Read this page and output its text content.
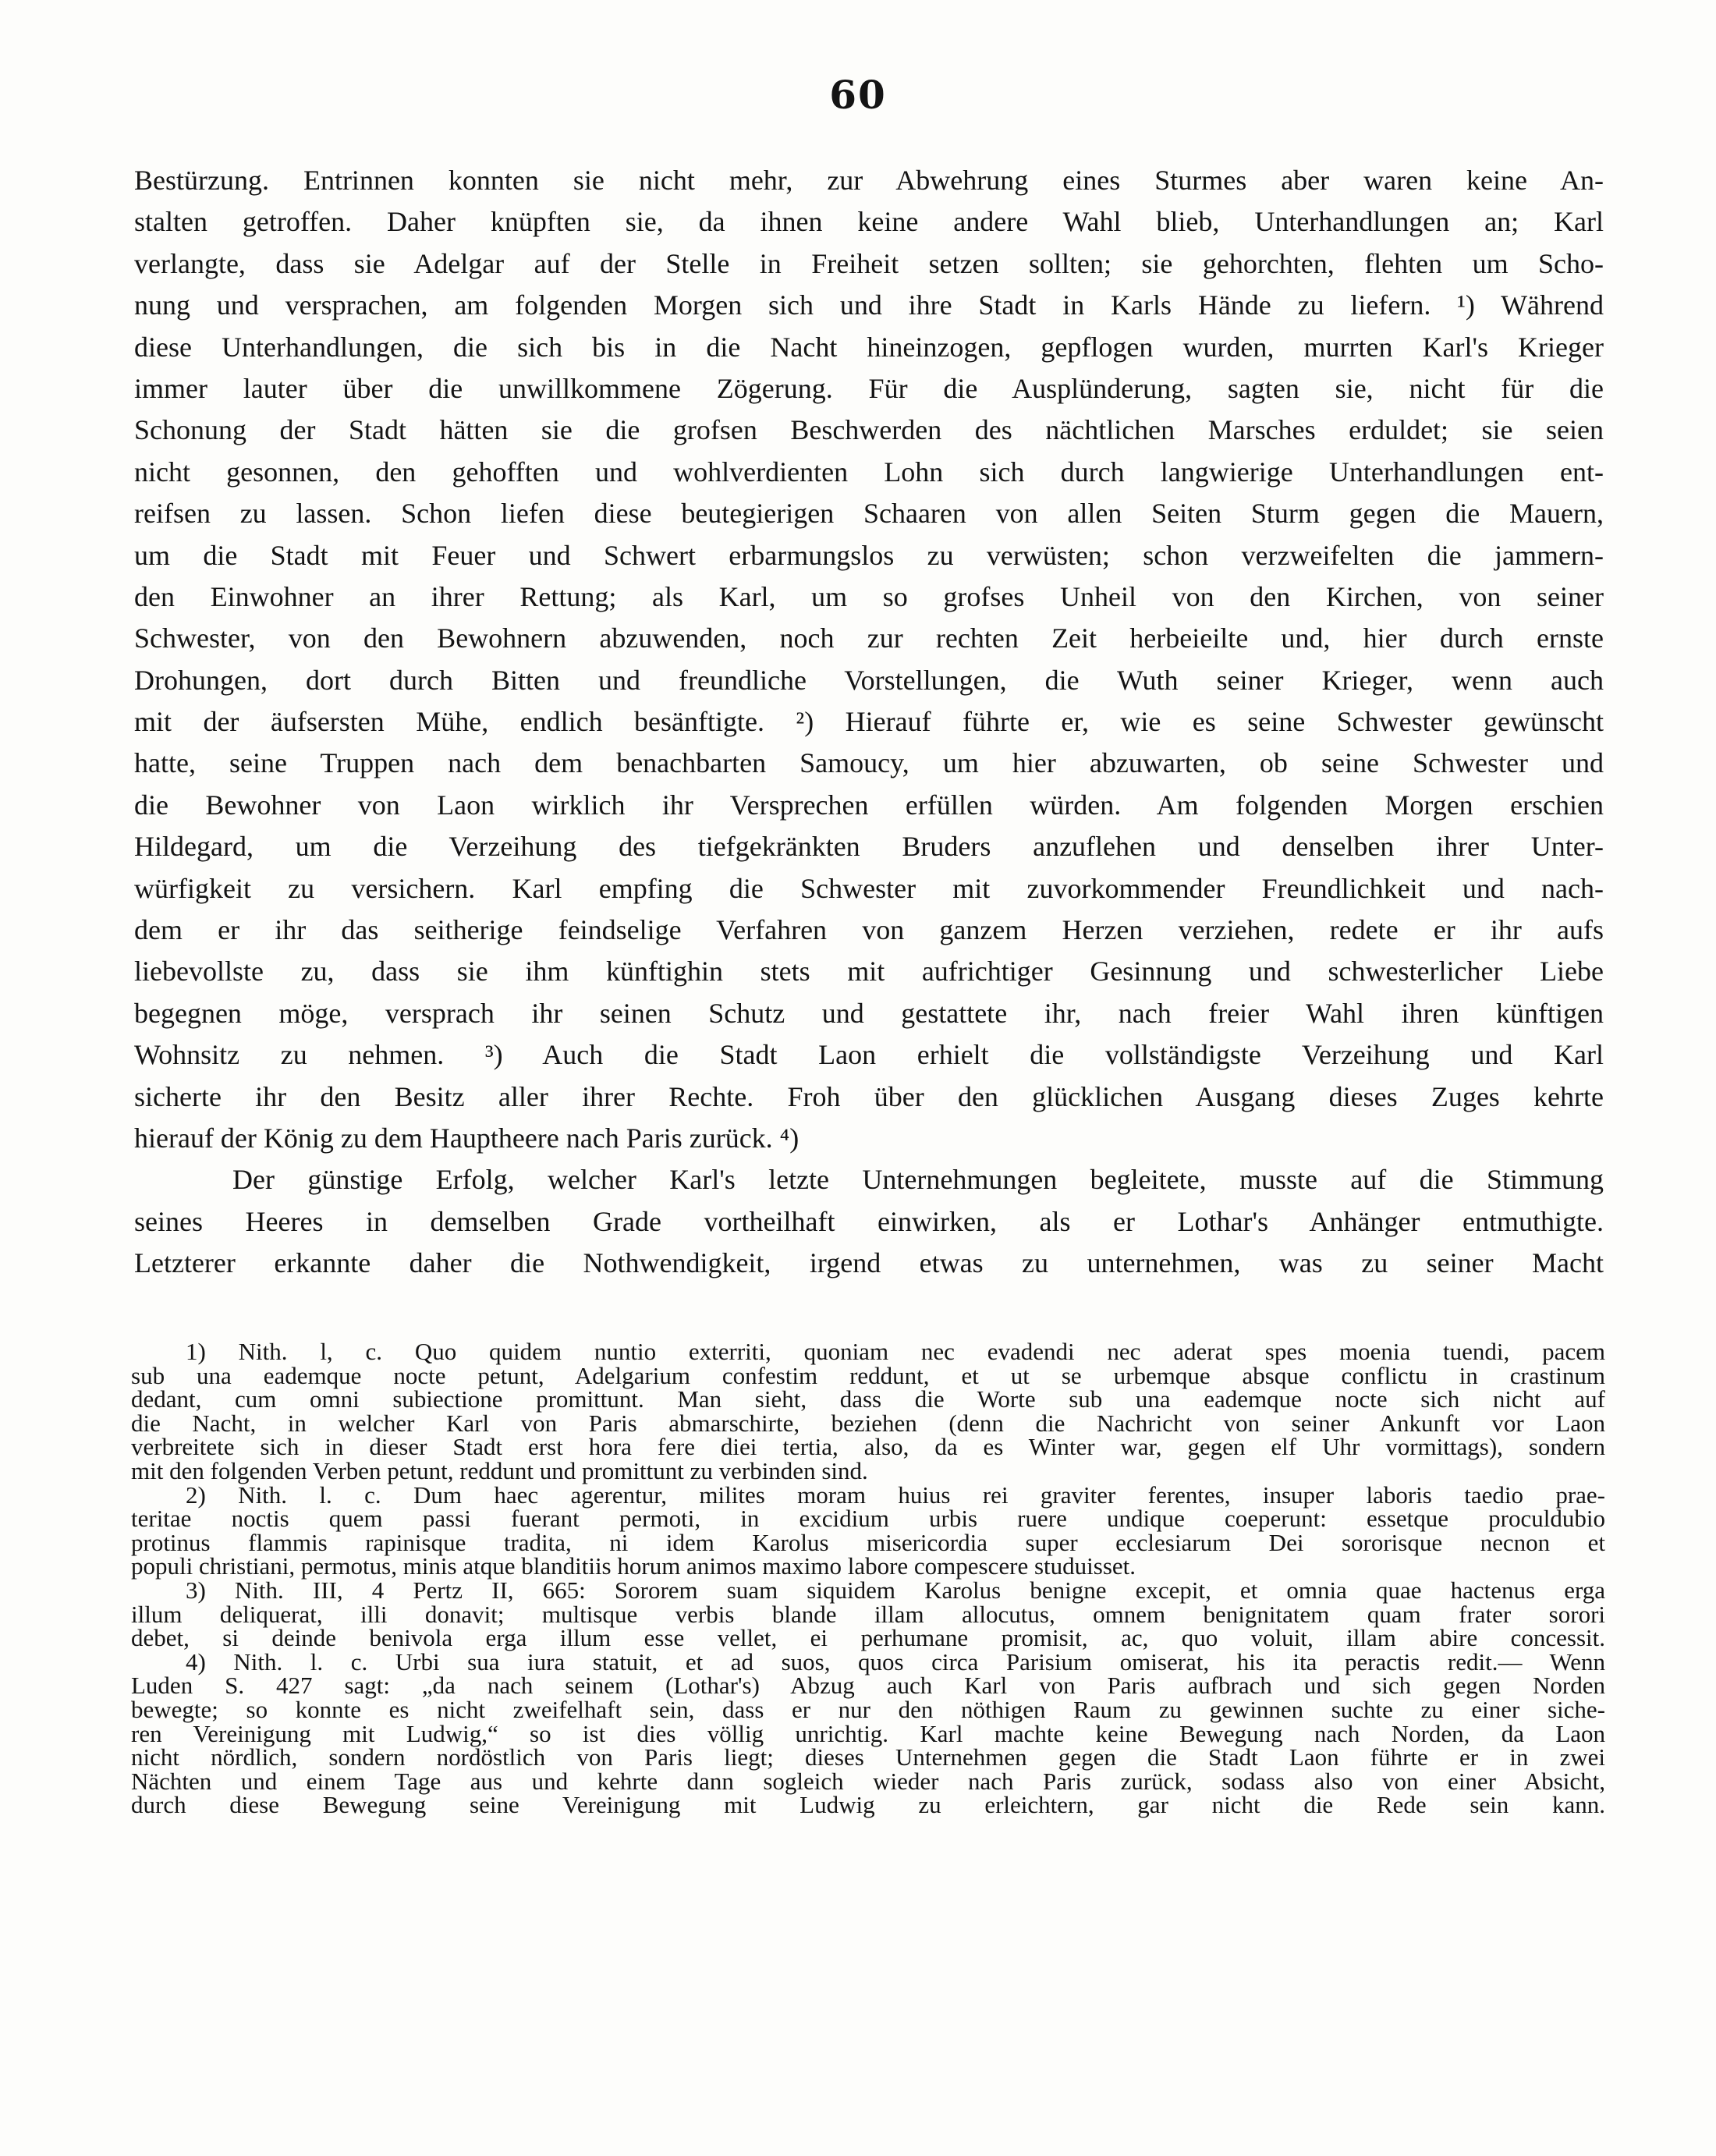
60
Bestürzung. Entrinnen konnten sie nicht mehr, zur Abwehrung eines Sturmes aber waren keine An-
stalten getroffen. Daher knüpften sie, da ihnen keine andere Wahl blieb, Unterhandlungen an; Karl
verlangte, dass sie Adelgar auf der Stelle in Freiheit setzen sollten; sie gehorchten, flehten um Scho-
nung und versprachen, am folgenden Morgen sich und ihre Stadt in Karls Hände zu liefern. ¹) Während
diese Unterhandlungen, die sich bis in die Nacht hineinzogen, gepflogen wurden, murrten Karl's Krieger
immer lauter über die unwillkommene Zögerung. Für die Ausplünderung, sagten sie, nicht für die
Schonung der Stadt hätten sie die grofsen Beschwerden des nächtlichen Marsches erduldet; sie seien
nicht gesonnen, den gehofften und wohlverdienten Lohn sich durch langwierige Unterhandlungen ent-
reifsen zu lassen. Schon liefen diese beutegierigen Schaaren von allen Seiten Sturm gegen die Mauern,
um die Stadt mit Feuer und Schwert erbarmungslos zu verwüsten; schon verzweifelten die jammern-
den Einwohner an ihrer Rettung; als Karl, um so grofses Unheil von den Kirchen, von seiner
Schwester, von den Bewohnern abzuwenden, noch zur rechten Zeit herbeieilte und, hier durch ernste
Drohungen, dort durch Bitten und freundliche Vorstellungen, die Wuth seiner Krieger, wenn auch
mit der äufsersten Mühe, endlich besänftigte. ²) Hierauf führte er, wie es seine Schwester gewünscht
hatte, seine Truppen nach dem benachbarten Samoucy, um hier abzuwarten, ob seine Schwester und
die Bewohner von Laon wirklich ihr Versprechen erfüllen würden. Am folgenden Morgen erschien
Hildegard, um die Verzeihung des tiefgekränkten Bruders anzuflehen und denselben ihrer Unter-
würfigkeit zu versichern. Karl empfing die Schwester mit zuvorkommender Freundlichkeit und nach-
dem er ihr das seitherige feindselige Verfahren von ganzem Herzen verziehen, redete er ihr aufs
liebevollste zu, dass sie ihm künftighin stets mit aufrichtiger Gesinnung und schwesterlicher Liebe
begegnen möge, versprach ihr seinen Schutz und gestattete ihr, nach freier Wahl ihren künftigen
Wohnsitz zu nehmen. ³) Auch die Stadt Laon erhielt die vollständigste Verzeihung und Karl
sicherte ihr den Besitz aller ihrer Rechte. Froh über den glücklichen Ausgang dieses Zuges kehrte
hierauf der König zu dem Hauptheere nach Paris zurück. ⁴)
Der günstige Erfolg, welcher Karl's letzte Unternehmungen begleitete, musste auf die Stimmung
seines Heeres in demselben Grade vortheilhaft einwirken, als er Lothar's Anhänger entmuthigte.
Letzterer erkannte daher die Nothwendigkeit, irgend etwas zu unternehmen, was zu seiner Macht
1) Nith. l, c. Quo quidem nuntio exterriti, quoniam nec evadendi nec aderat spes moenia tuendi, pacem
sub una eademque nocte petunt, Adelgarium confestim reddunt, et ut se urbemque absque conflictu in crastinum
dedant, cum omni subiectione promittunt. Man sieht, dass die Worte sub una eademque nocte sich nicht auf
die Nacht, in welcher Karl von Paris abmarschirte, beziehen (denn die Nachricht von seiner Ankunft vor Laon
verbreitete sich in dieser Stadt erst hora fere diei tertia, also, da es Winter war, gegen elf Uhr vormittags), sondern
mit den folgenden Verben petunt, reddunt und promittunt zu verbinden sind.
2) Nith. l. c. Dum haec agerentur, milites moram huius rei graviter ferentes, insuper laboris taedio prae-
teritae noctis quem passi fuerant permoti, in excidium urbis ruere undique coeperunt: essetque proculdubio
protinus flammis rapinisque tradita, ni idem Karolus misericordia super ecclesiarum Dei sororisque necnon et
populi christiani, permotus, minis atque blanditiis horum animos maximo labore compescere studuisset.
3) Nith. III, 4 Pertz II, 665: Sororem suam siquidem Karolus benigne excepit, et omnia quae hactenus erga
illum deliquerat, illi donavit; multisque verbis blande illam allocutus, omnem benignitatem quam frater sorori
debet, si deinde benivola erga illum esse vellet, ei perhumane promisit, ac, quo voluit, illam abire concessit.
4) Nith. l. c. Urbi sua iura statuit, et ad suos, quos circa Parisium omiserat, his ita peractis redit.— Wenn
Luden S. 427 sagt: „da nach seinem (Lothar's) Abzug auch Karl von Paris aufbrach und sich gegen Norden
bewegte; so konnte es nicht zweifelhaft sein, dass er nur den nöthigen Raum zu gewinnen suchte zu einer siche-
ren Vereinigung mit Ludwig,“ so ist dies völlig unrichtig. Karl machte keine Bewegung nach Norden, da Laon
nicht nördlich, sondern nordöstlich von Paris liegt; dieses Unternehmen gegen die Stadt Laon führte er in zwei
Nächten und einem Tage aus und kehrte dann sogleich wieder nach Paris zurück, sodass also von einer Absicht,
durch diese Bewegung seine Vereinigung mit Ludwig zu erleichtern, gar nicht die Rede sein kann.
